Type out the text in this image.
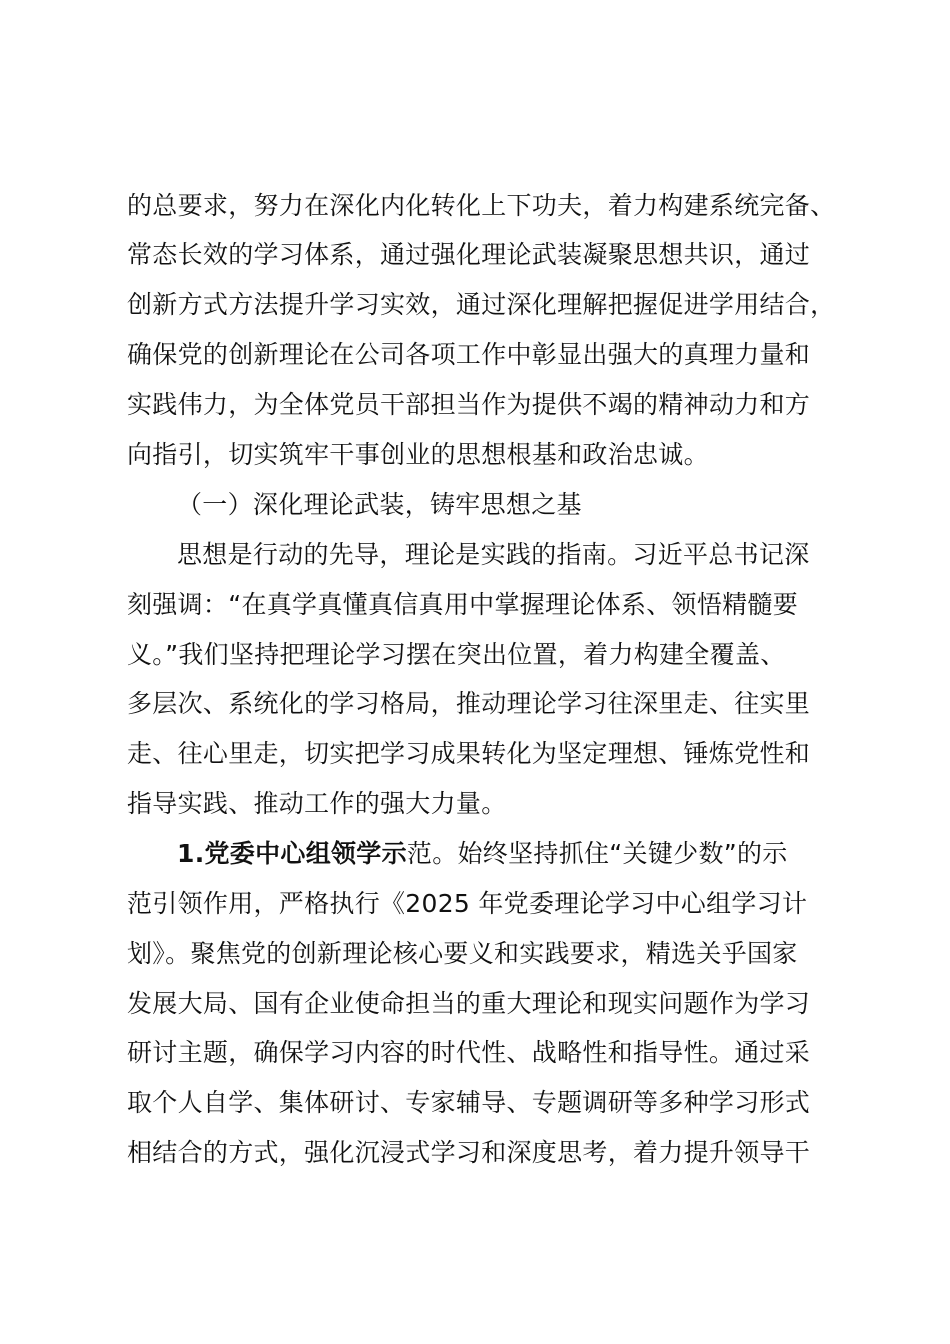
的总要求，努力在深化内化转化上下功夫，着力构建系统完备、
常态长效的学习体系，通过强化理论武装凝聚思想共识，通过
创新方式方法提升学习实效，通过深化理解把握促进学用结合，
确保党的创新理论在公司各项工作中彰显出强大的真理力量和
实践伟力，为全体党员干部担当作为提供不竭的精神动力和方
向指引，切实筑牢干事创业的思想根基和政治忠诚。
（一）深化理论武装，铸牢思想之基
思想是行动的先导，理论是实践的指南。习近平总书记深
刻强调：“在真学真懂真信真用中掌握理论体系、领悟精髓要
义。”我们坚持把理论学习摆在突出位置，着力构建全覆盖、
多层次、系统化的学习格局，推动理论学习往深里走、往实里
走、往心里走，切实把学习成果转化为坚定理想、锤炼党性和
指导实践、推动工作的强大力量。
1.党委中心组领学示范。始终坚持抓住“关键少数”的示
范引领作用，严格执行《2025 年党委理论学习中心组学习计
划》。聚焦党的创新理论核心要义和实践要求，精选关乎国家
发展大局、国有企业使命担当的重大理论和现实问题作为学习
研讨主题，确保学习内容的时代性、战略性和指导性。通过采
取个人自学、集体研讨、专家辅导、专题调研等多种学习形式
相结合的方式，强化沉浸式学习和深度思考，着力提升领导干
